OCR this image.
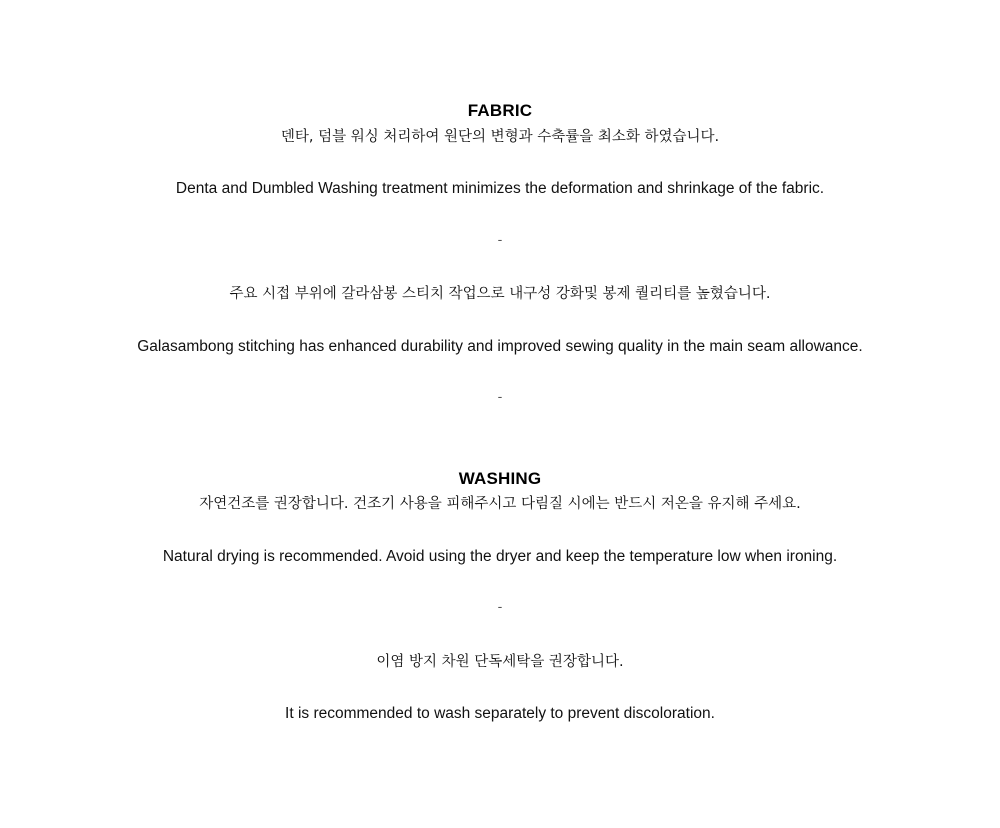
FABRIC
덴타, 덤블 워싱 처리하여 원단의 변형과 수축률을 최소화 하였습니다.
Denta and Dumbled Washing treatment minimizes the deformation and shrinkage of the fabric.
-
주요 시접 부위에 갈라삼봉 스티치 작업으로 내구성 강화및 봉제 퀄리티를 높혔습니다.
Galasambong stitching has enhanced durability and improved sewing quality in the main seam allowance.
-
WASHING
자연건조를 권장합니다. 건조기 사용을 피해주시고 다림질 시에는 반드시 저온을 유지해 주세요.
Natural drying is recommended. Avoid using the dryer and keep the temperature low when ironing.
-
이염 방지 차원 단독세탁을 권장합니다.
It is recommended to wash separately to prevent discoloration.
